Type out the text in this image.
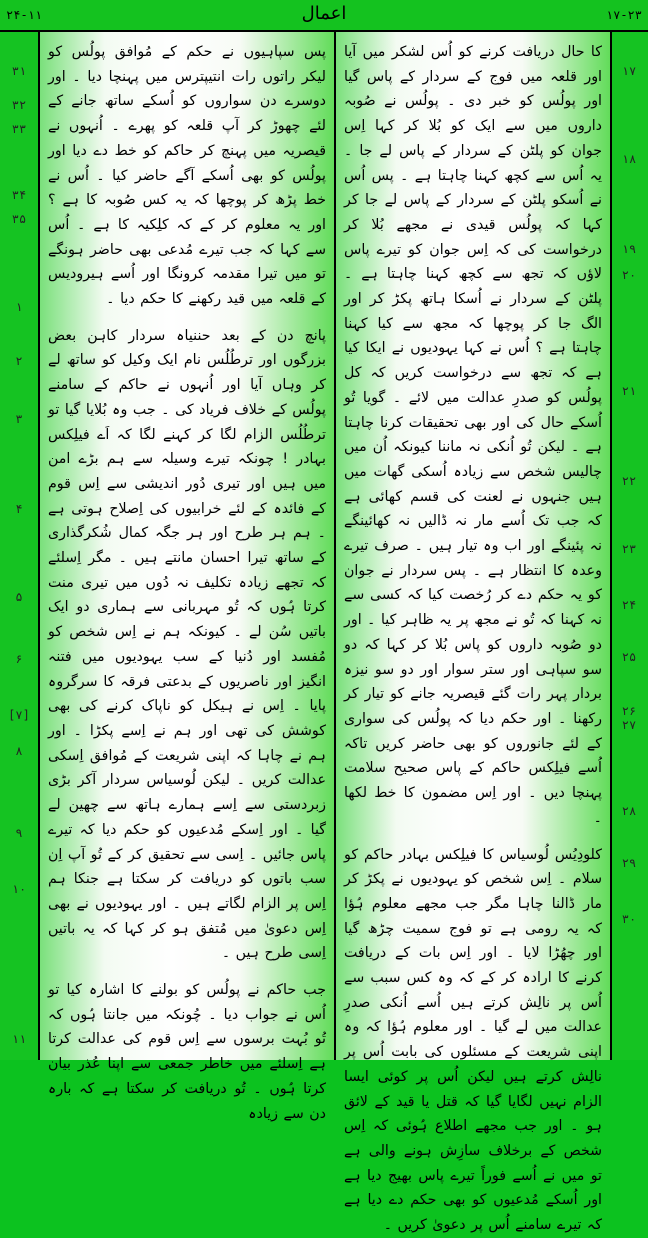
۲۴-۱۱	اعمال	۱۷-۲۳
۱۷
۱۸
۱۹
۲۰
۲۱
۲۲
۲۳
۲۴
۲۵
۲۶
۲۷
۲۸
۲۹
۳۰

کا حال دریافت کرنے کو اُس لشکر میں آیا اور قلعہ میں فوج کے سردار کے پاس گیا اور پولُس کو خبر دی ۔ پولُس نے صُوبہ داروں میں سے ایک کو بُلا کر کہا اِس جوان کو پلٹن کے سردار کے پاس لے جا ۔ یہ اُس سے کچھ کہنا چاہتا ہے ۔ پس اُس نے اُسکو پلٹن کے سردار کے پاس لے جا کر کہا کہ پولُس قیدی نے مجھے بُلا کر درخواست کی کہ اِس جوان کو تیرے پاس لاؤں کہ تجھ سے کچھ کہنا چاہتا ہے ۔ پلٹن کے سردار نے اُسکا ہاتھ پکڑ کر اور الگ جا کر پوچھا کہ مجھ سے کیا کہنا چاہتا ہے ؟ اُس نے کہا یہودیوں نے ایکا کیا ہے کہ تجھ سے درخواست کریں کہ کل پولُس کو صدرِ عدالت میں لائے ۔ گویا تُو اُسکے حال کی اور بھی تحقیقات کرنا چاہتا ہے ۔ لیکن تُو اُنکی نہ ماننا کیونکہ اُن میں چالیس شخص سے زیادہ اُسکی گھات میں ہیں جنہوں نے لعنت کی قسم کھائی ہے کہ جب تک اُسے مار نہ ڈالیں نہ کھائینگے نہ پئینگے اور اب وہ تیار ہیں ۔ صرف تیرے وعدہ کا انتظار ہے ۔ پس سردار نے جوان کو یہ حکم دے کر رُخصت کیا کہ کسی سے نہ کہنا کہ تُو نے مجھ پر یہ ظاہر کیا ۔ اور دو صُوبہ داروں کو پاس بُلا کر کہا کہ دو سو سپاہی اور ستر سوار اور دو سو نیزہ بردار پہر رات گئے قیصریہ جانے کو تیار کر رکھنا ۔ اور حکم دیا کہ پولُس کی سواری کے لئے جانوروں کو بھی حاضر کریں تاکہ اُسے فیلِکس حاکم کے پاس صحیح سلامت پہنچا دیں ۔ اور اِس مضمون کا خط لکھا ۔

کلودِیُس لُوسیاس کا فیلِکس بہادر حاکم کو سلام ۔ اِس شخص کو یہودیوں نے پکڑ کر مار ڈالنا چاہا مگر جب مجھے معلوم ہُؤا کہ یہ رومی ہے تو فوج سمیت چڑھ گیا اور چھُڑا لایا ۔ اور اِس بات کے دریافت کرنے کا ارادہ کر کے کہ وہ کس سبب سے اُس پر نالِش کرتے ہیں اُسے اُنکی صدرِ عدالت میں لے گیا ۔ اور معلوم ہُؤا کہ وہ اپنی شریعت کے مسئلوں کی بابت اُس پر نالِش کرتے ہیں لیکن اُس پر کوئی ایسا الزام نہیں لگایا گیا کہ قتل یا قید کے لائق ہو ۔ اور جب مجھے اطلاع ہُوئی کہ اِس شخص کے برخلاف سازِش ہونے والی ہے تو میں نے اُسے فوراً تیرے پاس بھیج دیا ہے اور اُسکے مُدعیوں کو بھی حکم دے دیا ہے کہ تیرے سامنے اُس پر دعویٰ کریں ۔

پس سپاہیوں نے حکم کے مُوافق پولُس کو لیکر راتوں رات انتیپترس میں پہنچا دیا ۔ اور دوسرے دن سواروں کو اُسکے ساتھ جانے کے لئے چھوڑ کر آپ قلعہ کو پھرے ۔ اُنہوں نے قیصریہ میں پہنچ کر حاکم کو خط دے دیا اور پولُس کو بھی اُسکے آگے حاضر کیا ۔ اُس نے خط پڑھ کر پوچھا کہ یہ کس صُوبہ کا ہے ؟ اور یہ معلوم کر کے کہ کلِکیہ کا ہے ۔ اُس سے کہا کہ جب تیرے مُدعی بھی حاضر ہونگے تو میں تیرا مقدمہ کرونگا اور اُسے ہیرودیس کے قلعہ میں قید رکھنے کا حکم دیا ۔

پانچ دن کے بعد حننیاہ سردار کاہن بعض بزرگوں اور ترطُلُس نام ایک وکیل کو ساتھ لے کر وہاں آیا اور اُنہوں نے حاکم کے سامنے پولُس کے خلاف فریاد کی ۔ جب وہ بُلایا گیا تو ترطُلُس الزام لگا کر کہنے لگا کہ اَے فیلِکس بہادر ! چونکہ تیرے وسیلہ سے ہم بڑے امن میں ہیں اور تیری دُور اندیشی سے اِس قوم کے فائدہ کے لئے خرابیوں کی اِصلاح ہوتی ہے ۔ ہم ہر طرح اور ہر جگہ کمال شُکرگذاری کے ساتھ تیرا احسان مانتے ہیں ۔ مگر اِسلئے کہ تجھے زیادہ تکلیف نہ دُوں میں تیری منت کرتا ہُوں کہ تُو مہربانی سے ہماری دو ایک باتیں سُن لے ۔ کیونکہ ہم نے اِس شخص کو مُفسد اور دُنیا کے سب یہودیوں میں فتنہ انگیز اور ناصریوں کے بدعتی فرقہ کا سرگروہ پایا ۔ اِس نے ہیکل کو ناپاک کرنے کی بھی کوشش کی تھی اور ہم نے اِسے پکڑا ۔ اور ہم نے چاہا کہ اپنی شریعت کے مُوافق اِسکی عدالت کریں ۔ لیکن لُوسیاس سردار آکر بڑی زبردستی سے اِسے ہمارے ہاتھ سے چھین لے گیا ۔ اور اِسکے مُدعیوں کو حکم دیا کہ تیرے پاس جائیں ۔ اِسی سے تحقیق کر کے تُو آپ اِن سب باتوں کو دریافت کر سکتا ہے جنکا ہم اِس پر الزام لگاتے ہیں ۔ اور یہودیوں نے بھی اِس دعویٰ میں مُتفق ہو کر کہا کہ یہ باتیں اِسی طرح ہیں ۔

جب حاکم نے پولُس کو بولنے کا اشارہ کیا تو اُس نے جواب دیا ۔ چُونکہ میں جانتا ہُوں کہ تُو بُہت برسوں سے اِس قوم کی عدالت کرتا ہے اِسلئے میں خاطر جمعی سے اپنا عُذر بیان کرتا ہُوں ۔ تُو دریافت کر سکتا ہے کہ بارہ دن سے زیادہ

۳۱
۳۲
۳۳
۳۴
۳۵
۱
۲
۳
۴
۵
۶
[۷]
۸
۹
۱۰
۱۱
